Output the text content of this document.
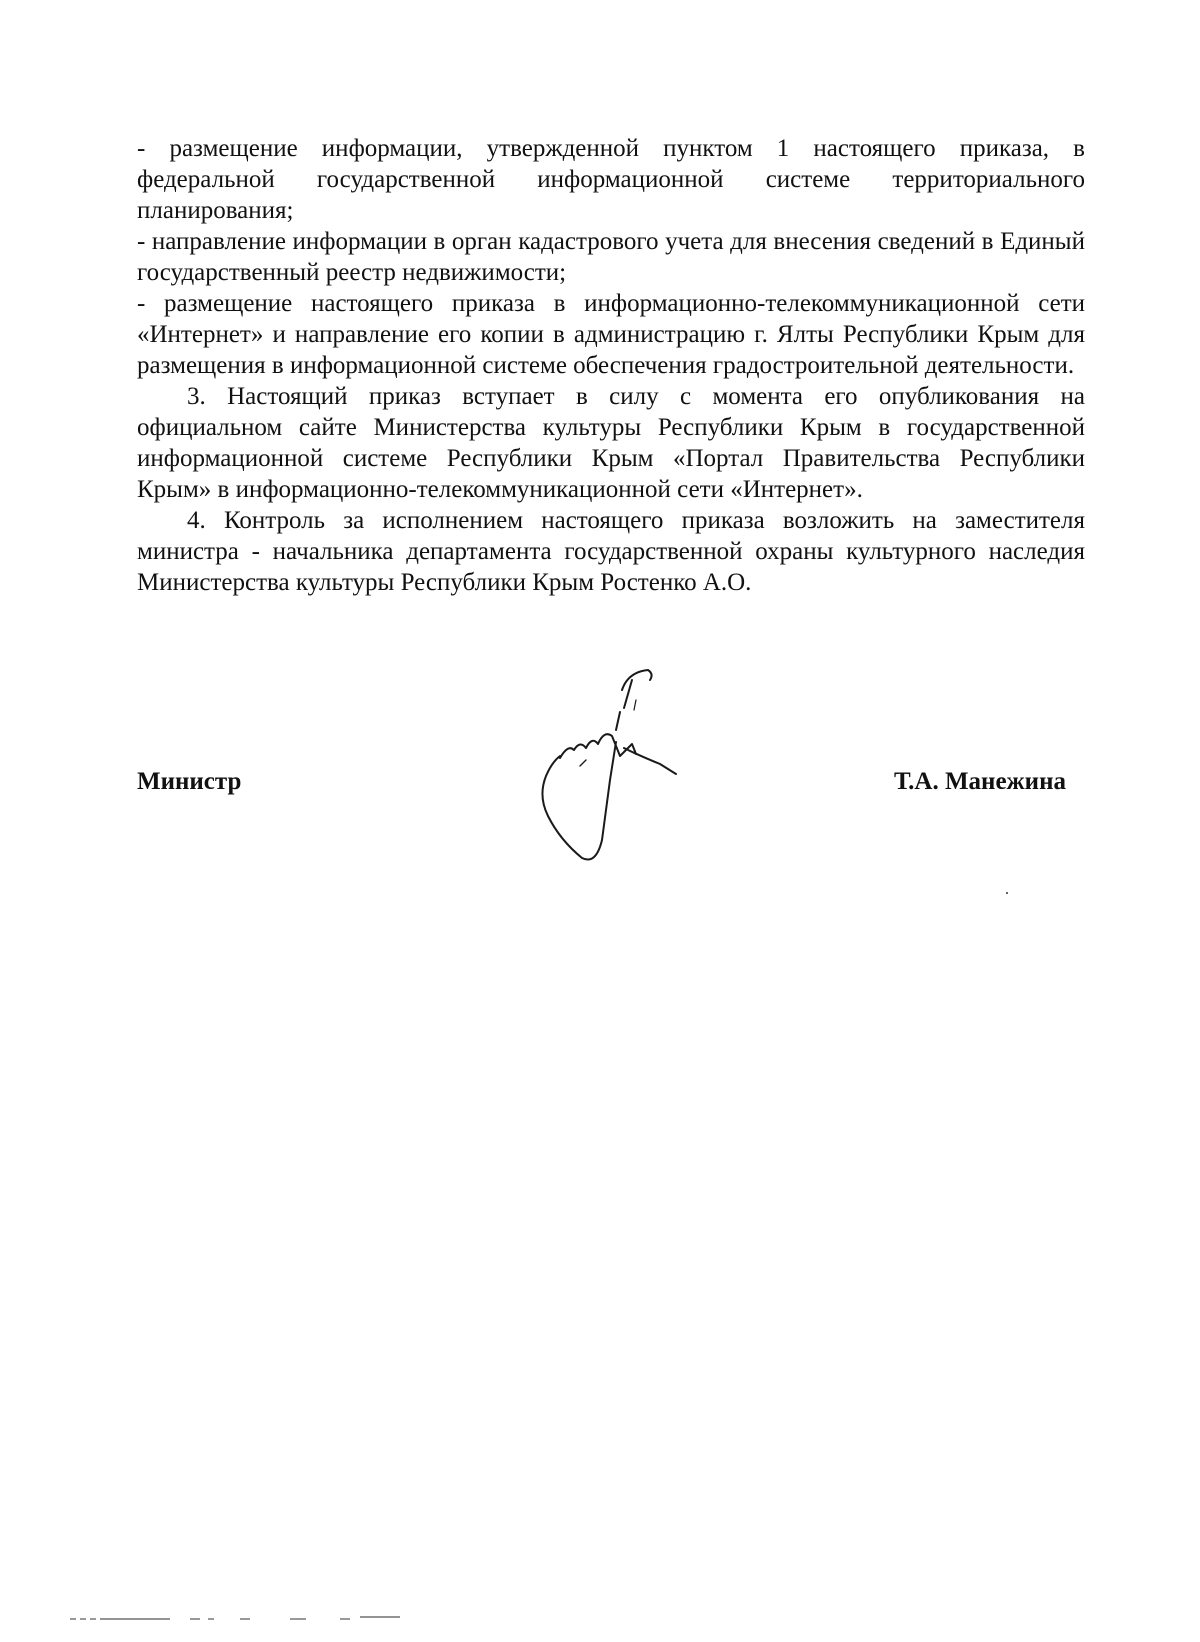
- размещение информации, утвержденной пунктом 1 настоящего приказа, в федеральной государственной информационной системе территориального планирования;

- направление информации в орган кадастрового учета для внесения сведений в Единый государственный реестр недвижимости;

- размещение настоящего приказа в информационно-телекоммуникационной сети «Интернет» и направление его копии в администрацию г. Ялты Республики Крым для размещения в информационной системе обеспечения градостроительной деятельности.

3. Настоящий приказ вступает в силу с момента его опубликования на официальном сайте Министерства культуры Республики Крым в государственной информационной системе Республики Крым «Портал Правительства Республики Крым» в информационно-телекоммуникационной сети «Интернет».

4. Контроль за исполнением настоящего приказа возложить на заместителя министра - начальника департамента государственной охраны культурного наследия Министерства культуры Республики Крым Ростенко А.О.

Министр	Т.А. Манежина
